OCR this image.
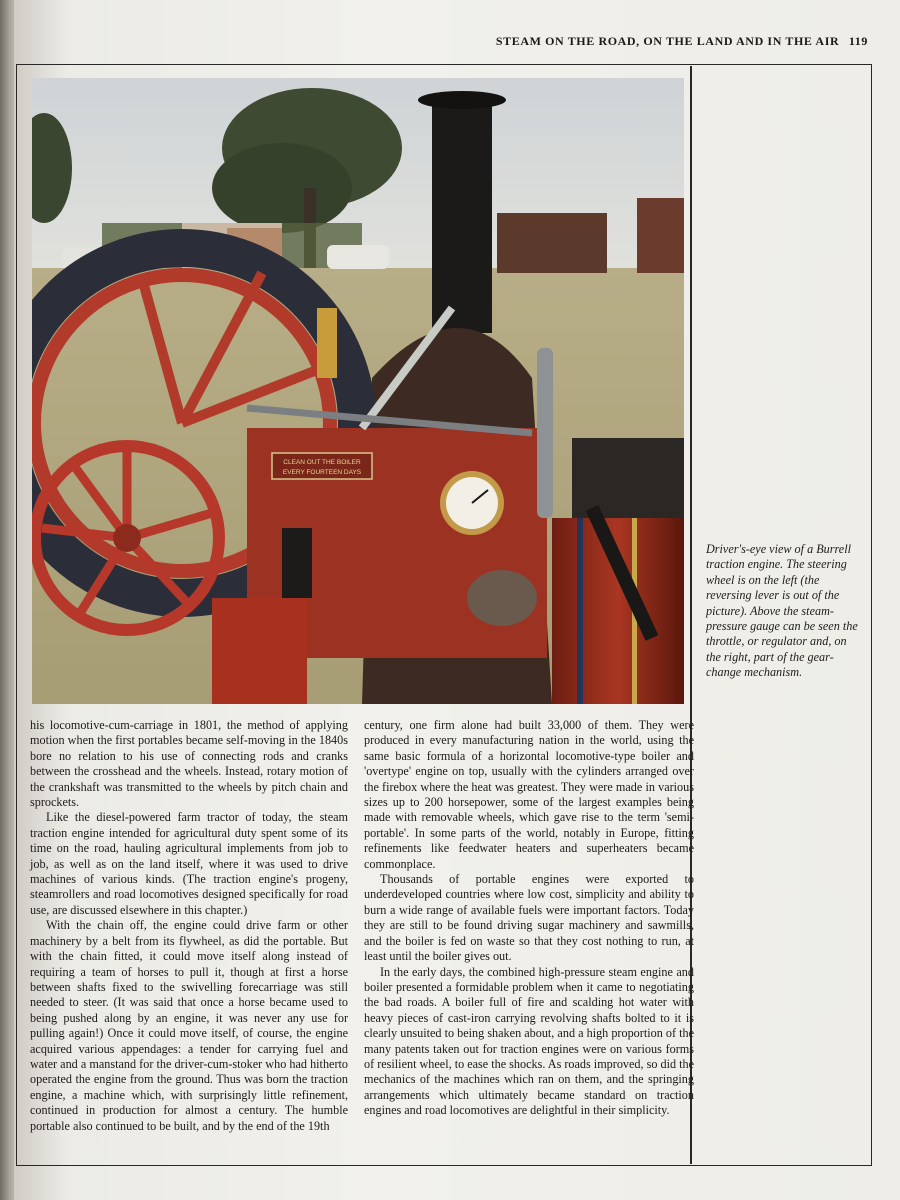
STEAM ON THE ROAD, ON THE LAND AND IN THE AIR 119
CLEAN OUT THE BOILER
EVERY FOURTEEN DAYS
Driver's-eye view of a Burrell traction engine. The steering wheel is on the left (the reversing lever is out of the picture). Above the steam-pressure gauge can be seen the throttle, or regulator and, on the right, part of the gear-change mechanism.

his locomotive-cum-carriage in 1801, the method of applying motion when the first portables became self-moving in the 1840s bore no relation to his use of connecting rods and cranks between the crosshead and the wheels. Instead, rotary motion of the crankshaft was transmitted to the wheels by pitch chain and sprockets.

Like the diesel-powered farm tractor of today, the steam traction engine intended for agricultural duty spent some of its time on the road, hauling agricultural implements from job to job, as well as on the land itself, where it was used to drive machines of various kinds. (The traction engine's progeny, steamrollers and road locomotives designed specifically for road use, are discussed elsewhere in this chapter.)

With the chain off, the engine could drive farm or other machinery by a belt from its flywheel, as did the portable. But with the chain fitted, it could move itself along instead of requiring a team of horses to pull it, though at first a horse between shafts fixed to the swivelling forecarriage was still needed to steer. (It was said that once a horse became used to being pushed along by an engine, it was never any use for pulling again!) Once it could move itself, of course, the engine acquired various appendages: a tender for carrying fuel and water and a manstand for the driver-cum-stoker who had hitherto operated the engine from the ground. Thus was born the traction engine, a machine which, with surprisingly little refinement, continued in production for almost a century. The humble portable also continued to be built, and by the end of the 19th

century, one firm alone had built 33,000 of them. They were produced in every manufacturing nation in the world, using the same basic formula of a horizontal locomotive-type boiler and 'overtype' engine on top, usually with the cylinders arranged over the firebox where the heat was greatest. They were made in various sizes up to 200 horsepower, some of the largest examples being made with removable wheels, which gave rise to the term 'semi-portable'. In some parts of the world, notably in Europe, fitting refinements like feedwater heaters and superheaters became commonplace.

Thousands of portable engines were exported to underdeveloped countries where low cost, simplicity and ability to burn a wide range of available fuels were important factors. Today they are still to be found driving sugar machinery and sawmills, and the boiler is fed on waste so that they cost nothing to run, at least until the boiler gives out.

In the early days, the combined high-pressure steam engine and boiler presented a formidable problem when it came to negotiating the bad roads. A boiler full of fire and scalding hot water with heavy pieces of cast-iron carrying revolving shafts bolted to it is clearly unsuited to being shaken about, and a high proportion of the many patents taken out for traction engines were on various forms of resilient wheel, to ease the shocks. As roads improved, so did the mechanics of the machines which ran on them, and the springing arrangements which ultimately became standard on traction engines and road locomotives are delightful in their simplicity.
